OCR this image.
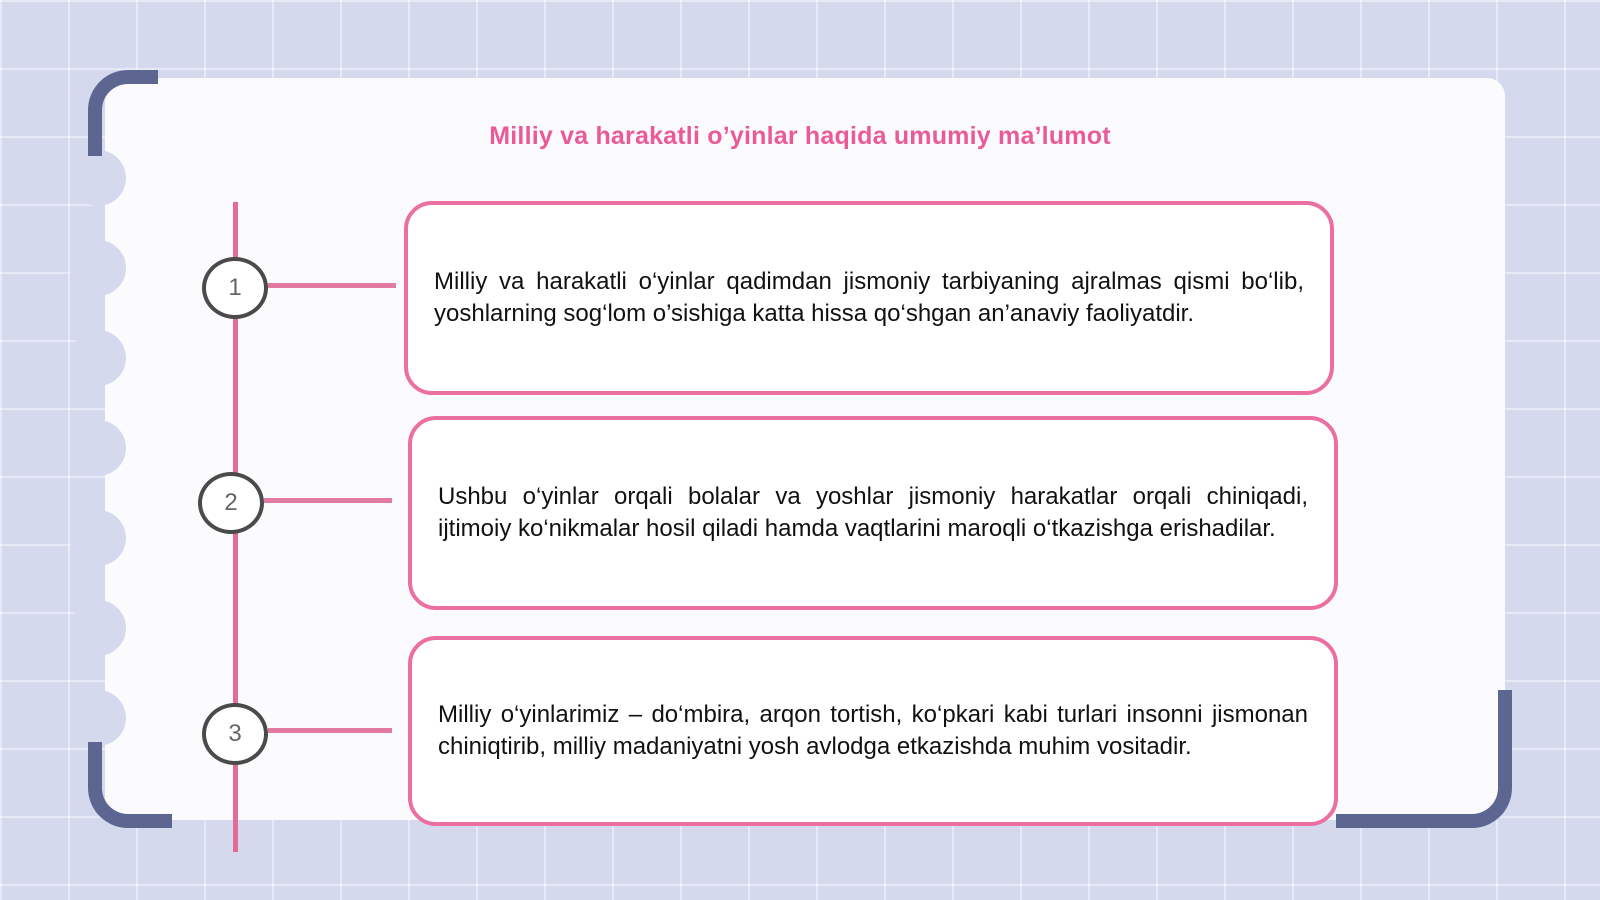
Milliy va harakatli oʼyinlar haqida umumiy maʼlumot
1	Milliy va harakatli o‘yinlar qadimdan jismoniy tarbiyaning ajralmas qismi bo‘lib, yoshlarning sog‘lom o’sishiga katta hissa qo‘shgan an’anaviy faoliyatdir.

2	Ushbu o‘yinlar orqali bolalar va yoshlar jismoniy harakatlar orqali chiniqadi, ijtimoiy ko‘nikmalar hosil qiladi hamda vaqtlarini maroqli o‘tkazishga erishadilar.

3

Milliy o‘yinlarimiz – do‘mbira, arqon tortish, ko‘pkari kabi turlari insonni jismonan chiniqtirib, milliy madaniyatni yosh avlodga etkazishda muhim vositadir.
